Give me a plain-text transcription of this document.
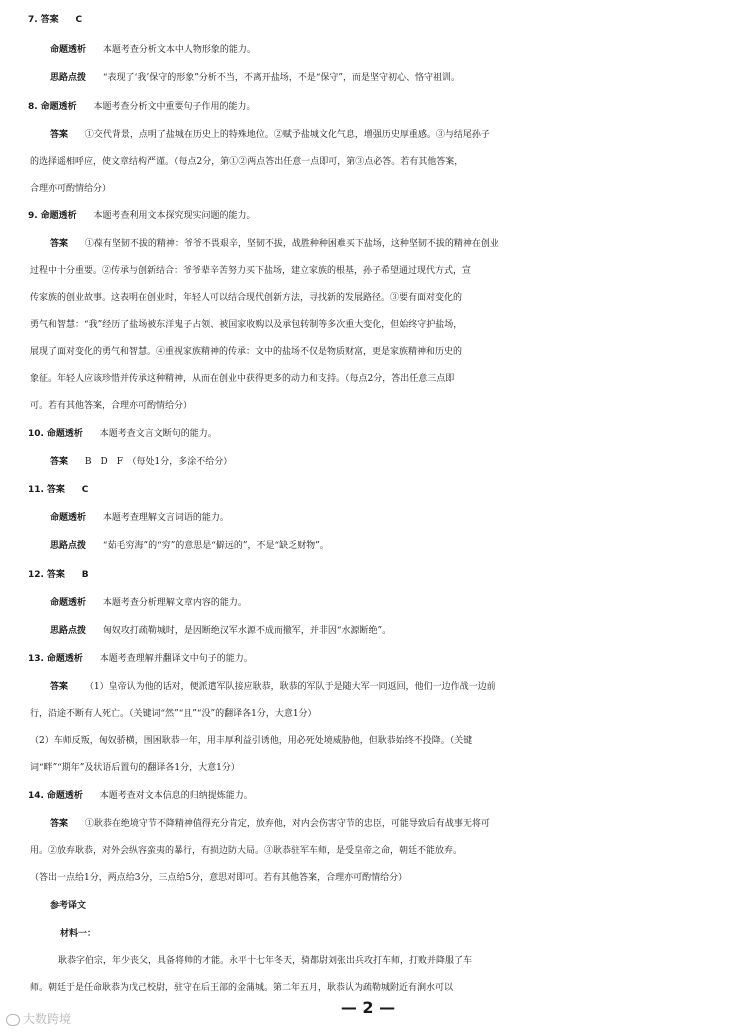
7. 答案 C
命题透析 本题考查分析文本中人物形象的能力。
思路点拨 “表现了‘我’保守的形象”分析不当，不离开盐场，不是“保守”，而是坚守初心、恪守祖训。
8. 命题透析 本题考查分析文中重要句子作用的能力。
答案 ①交代背景，点明了盐城在历史上的特殊地位。②赋予盐城文化气息，增强历史厚重感。③与结尾孙子
的选择遥相呼应，使文章结构严谨。（每点2分，第①②两点答出任意一点即可，第③点必答。若有其他答案，
合理亦可酌情给分）
9. 命题透析 本题考查利用文本探究现实问题的能力。
答案 ①葆有坚韧不拔的精神：爷爷不畏艰辛，坚韧不拔，战胜种种困难买下盐场，这种坚韧不拔的精神在创业
过程中十分重要。②传承与创新结合：爷爷辈辛苦努力买下盐场，建立家族的根基，孙子希望通过现代方式，宣
传家族的创业故事。这表明在创业时，年轻人可以结合现代创新方法，寻找新的发展路径。③要有面对变化的
勇气和智慧：“我”经历了盐场被东洋鬼子占领、被国家收购以及承包转制等多次重大变化，但始终守护盐场，
展现了面对变化的勇气和智慧。④重视家族精神的传承：文中的盐场不仅是物质财富，更是家族精神和历史的
象征。年轻人应该珍惜并传承这种精神，从而在创业中获得更多的动力和支持。（每点2分，答出任意三点即
可。若有其他答案，合理亦可酌情给分）
10. 命题透析 本题考查文言文断句的能力。
答案 B　D　F　（每处1分，多涂不给分）
11. 答案 C
命题透析 本题考查理解文言词语的能力。
思路点拨 “茹毛穷海”的“穷”的意思是“僻远的”，不是“缺乏财物”。
12. 答案 B
命题透析 本题考查分析理解文章内容的能力。
思路点拨 匈奴攻打疏勒城时，是因断绝汉军水源不成而撤军，并非因“水源断绝”。
13. 命题透析 本题考查理解并翻译文中句子的能力。
答案 （1）皇帝认为他的话对，便派遣军队接应耿恭，耿恭的军队于是随大军一同返回，他们一边作战一边前
行，沿途不断有人死亡。（关键词“然”“且”“没”的翻译各1分，大意1分）
（2）车师反叛，匈奴骄横，围困耿恭一年，用丰厚利益引诱他，用必死处境威胁他，但耿恭始终不投降。（关键
词“畔”“期年”及状语后置句的翻译各1分，大意1分）
14. 命题透析 本题考查对文本信息的归纳提炼能力。
答案 ①耿恭在绝境守节不降精神值得充分肯定，放弃他，对内会伤害守节的忠臣，可能导致后有战事无将可
用。②放弃耿恭，对外会纵容蛮夷的暴行，有损边防大局。③耿恭驻军车师，是受皇帝之命，朝廷不能放弃。
（答出一点给1分，两点给3分，三点给5分，意思对即可。若有其他答案，合理亦可酌情给分）
参考译文
材料一：
耿恭字伯宗，年少丧父，具备将帅的才能。永平十七年冬天，骑都尉刘张出兵攻打车师，打败并降服了车
师。朝廷于是任命耿恭为戊己校尉，驻守在后王部的金蒲城。第二年五月，耿恭认为疏勒城附近有涧水可以
— 2 —
大数跨境
